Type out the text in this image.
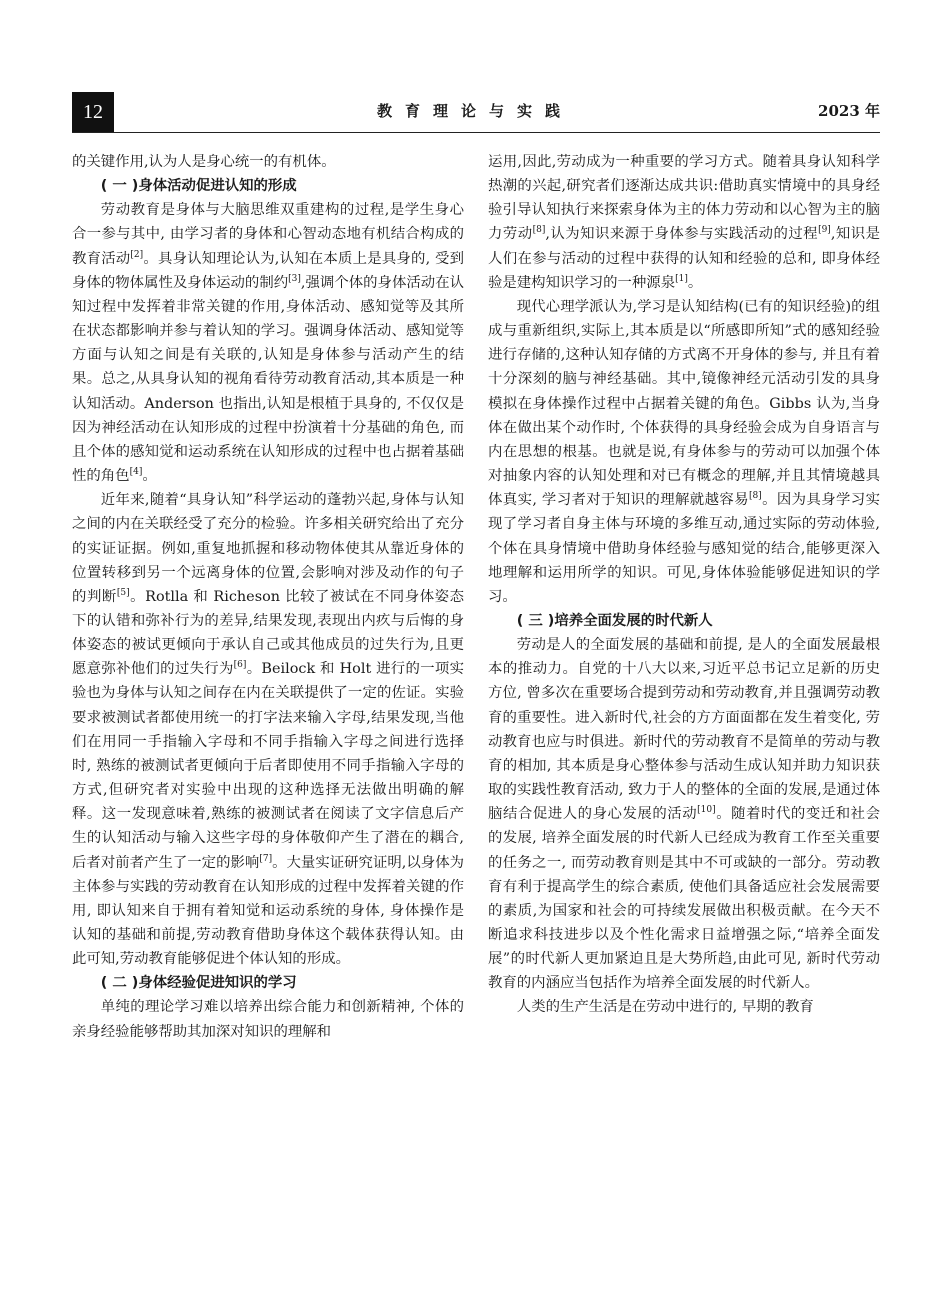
12	教育理论与实践	2023 年

的关键作用,认为人是身心统一的有机体。

( 一 )身体活动促进认知的形成

劳动教育是身体与大脑思维双重建构的过程,是学生身心合一参与其中, 由学习者的身体和心智动态地有机结合构成的教育活动[2]。具身认知理论认为,认知在本质上是具身的, 受到身体的物体属性及身体运动的制约[3],强调个体的身体活动在认知过程中发挥着非常关键的作用,身体活动、感知觉等及其所在状态都影响并参与着认知的学习。强调身体活动、感知觉等方面与认知之间是有关联的,认知是身体参与活动产生的结果。总之,从具身认知的视角看待劳动教育活动,其本质是一种认知活动。Anderson 也指出,认知是根植于具身的, 不仅仅是因为神经活动在认知形成的过程中扮演着十分基础的角色, 而且个体的感知觉和运动系统在认知形成的过程中也占据着基础性的角色[4]。

近年来,随着“具身认知”科学运动的蓬勃兴起,身体与认知之间的内在关联经受了充分的检验。许多相关研究给出了充分的实证证据。例如,重复地抓握和移动物体使其从靠近身体的位置转移到另一个远离身体的位置,会影响对涉及动作的句子的判断[5]。Rotlla 和 Richeson 比较了被试在不同身体姿态下的认错和弥补行为的差异,结果发现,表现出内疚与后悔的身体姿态的被试更倾向于承认自己或其他成员的过失行为,且更愿意弥补他们的过失行为[6]。Beilock 和 Holt 进行的一项实验也为身体与认知之间存在内在关联提供了一定的佐证。实验要求被测试者都使用统一的打字法来输入字母,结果发现,当他们在用同一手指输入字母和不同手指输入字母之间进行选择时, 熟练的被测试者更倾向于后者即使用不同手指输入字母的方式,但研究者对实验中出现的这种选择无法做出明确的解释。这一发现意味着,熟练的被测试者在阅读了文字信息后产生的认知活动与输入这些字母的身体敬仰产生了潜在的耦合,后者对前者产生了一定的影响[7]。大量实证研究证明,以身体为主体参与实践的劳动教育在认知形成的过程中发挥着关键的作用, 即认知来自于拥有着知觉和运动系统的身体, 身体操作是认知的基础和前提,劳动教育借助身体这个载体获得认知。由此可知,劳动教育能够促进个体认知的形成。

( 二 )身体经验促进知识的学习

单纯的理论学习难以培养出综合能力和创新精神, 个体的亲身经验能够帮助其加深对知识的理解和

运用,因此,劳动成为一种重要的学习方式。随着具身认知科学热潮的兴起,研究者们逐渐达成共识:借助真实情境中的具身经验引导认知执行来探索身体为主的体力劳动和以心智为主的脑力劳动[8],认为知识来源于身体参与实践活动的过程[9],知识是人们在参与活动的过程中获得的认知和经验的总和, 即身体经验是建构知识学习的一种源泉[1]。

现代心理学派认为,学习是认知结构(已有的知识经验)的组成与重新组织,实际上,其本质是以“所感即所知”式的感知经验进行存储的,这种认知存储的方式离不开身体的参与, 并且有着十分深刻的脑与神经基础。其中,镜像神经元活动引发的具身模拟在身体操作过程中占据着关键的角色。Gibbs 认为,当身体在做出某个动作时, 个体获得的具身经验会成为自身语言与内在思想的根基。也就是说,有身体参与的劳动可以加强个体对抽象内容的认知处理和对已有概念的理解,并且其情境越具体真实, 学习者对于知识的理解就越容易[8]。因为具身学习实现了学习者自身主体与环境的多维互动,通过实际的劳动体验,个体在具身情境中借助身体经验与感知觉的结合,能够更深入地理解和运用所学的知识。可见,身体体验能够促进知识的学习。

( 三 )培养全面发展的时代新人

劳动是人的全面发展的基础和前提, 是人的全面发展最根本的推动力。自党的十八大以来,习近平总书记立足新的历史方位, 曾多次在重要场合提到劳动和劳动教育,并且强调劳动教育的重要性。进入新时代,社会的方方面面都在发生着变化, 劳动教育也应与时俱进。新时代的劳动教育不是简单的劳动与教育的相加, 其本质是身心整体参与活动生成认知并助力知识获取的实践性教育活动, 致力于人的整体的全面的发展,是通过体脑结合促进人的身心发展的活动[10]。随着时代的变迁和社会的发展, 培养全面发展的时代新人已经成为教育工作至关重要的任务之一, 而劳动教育则是其中不可或缺的一部分。劳动教育有利于提高学生的综合素质, 使他们具备适应社会发展需要的素质,为国家和社会的可持续发展做出积极贡献。在今天不断追求科技进步以及个性化需求日益增强之际,“培养全面发展”的时代新人更加紧迫且是大势所趋,由此可见, 新时代劳动教育的内涵应当包括作为培养全面发展的时代新人。

人类的生产生活是在劳动中进行的, 早期的教育
